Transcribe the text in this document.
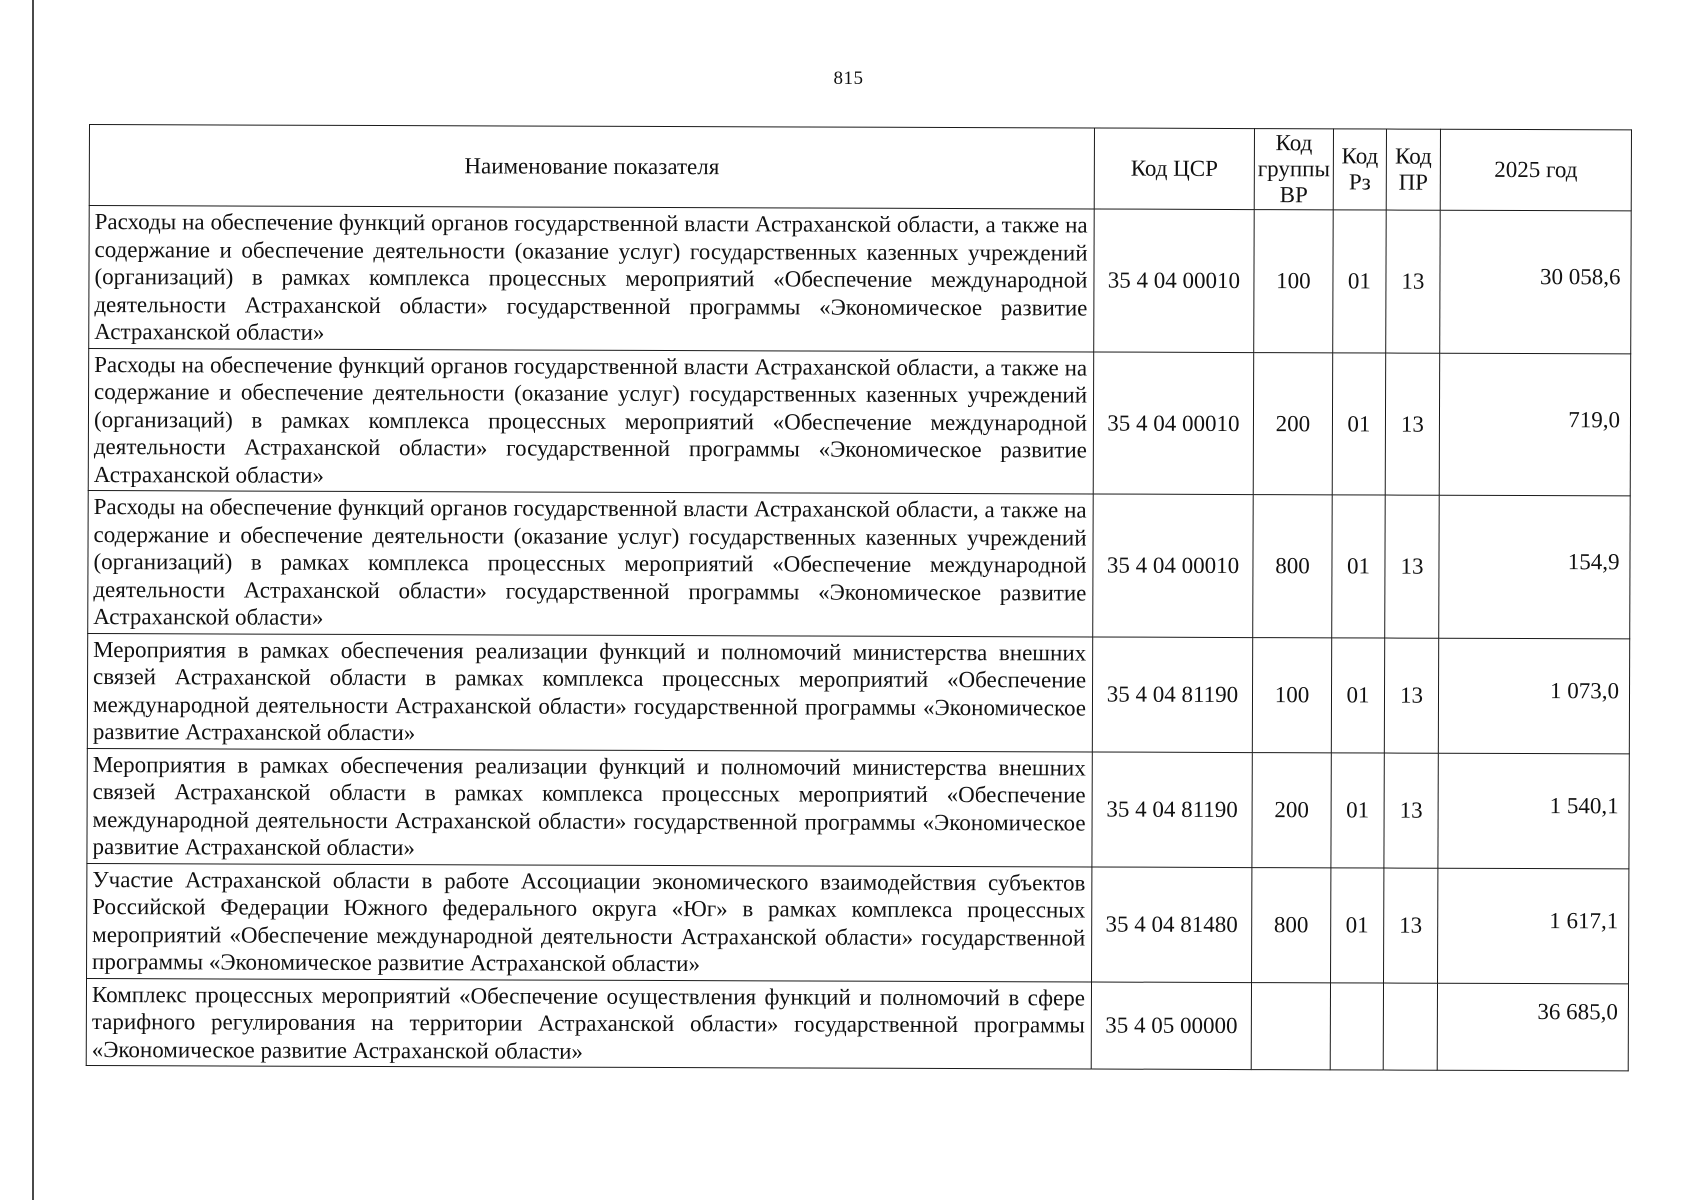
815
Наименование показателя	Код ЦСР	Код группы ВР	Код Рз	Код ПР	2025 год
Расходы на обеспечение функций органов государственной власти Астраханской области, а также на содержание и обеспечение деятельности (оказание услуг) государственных казенных учреждений (организаций) в рамках комплекса процессных мероприятий «Обеспечение международной деятельности Астраханской области» государственной программы «Экономическое развитие Астраханской области»	35 4 04 00010	100	01	13	30 058,6
Расходы на обеспечение функций органов государственной власти Астраханской области, а также на содержание и обеспечение деятельности (оказание услуг) государственных казенных учреждений (организаций) в рамках комплекса процессных мероприятий «Обеспечение международной деятельности Астраханской области» государственной программы «Экономическое развитие Астраханской области»	35 4 04 00010	200	01	13	719,0
Расходы на обеспечение функций органов государственной власти Астраханской области, а также на содержание и обеспечение деятельности (оказание услуг) государственных казенных учреждений (организаций) в рамках комплекса процессных мероприятий «Обеспечение международной деятельности Астраханской области» государственной программы «Экономическое развитие Астраханской области»	35 4 04 00010	800	01	13	154,9
Мероприятия в рамках обеспечения реализации функций и полномочий министерства внешних связей Астраханской области в рамках комплекса процессных мероприятий «Обеспечение международной деятельности Астраханской области» государственной программы «Экономическое развитие Астраханской области»	35 4 04 81190	100	01	13	1 073,0
Мероприятия в рамках обеспечения реализации функций и полномочий министерства внешних связей Астраханской области в рамках комплекса процессных мероприятий «Обеспечение международной деятельности Астраханской области» государственной программы «Экономическое развитие Астраханской области»	35 4 04 81190	200	01	13	1 540,1
Участие Астраханской области в работе Ассоциации экономического взаимодействия субъектов Российской Федерации Южного федерального округа «Юг» в рамках комплекса процессных мероприятий «Обеспечение международной деятельности Астраханской области» государственной программы «Экономическое развитие Астраханской области»	35 4 04 81480	800	01	13	1 617,1
Комплекс процессных мероприятий «Обеспечение осуществления функций и полномочий в сфере тарифного регулирования на территории Астраханской области» государственной программы «Экономическое развитие Астраханской области»	35 4 05 00000				36 685,0
